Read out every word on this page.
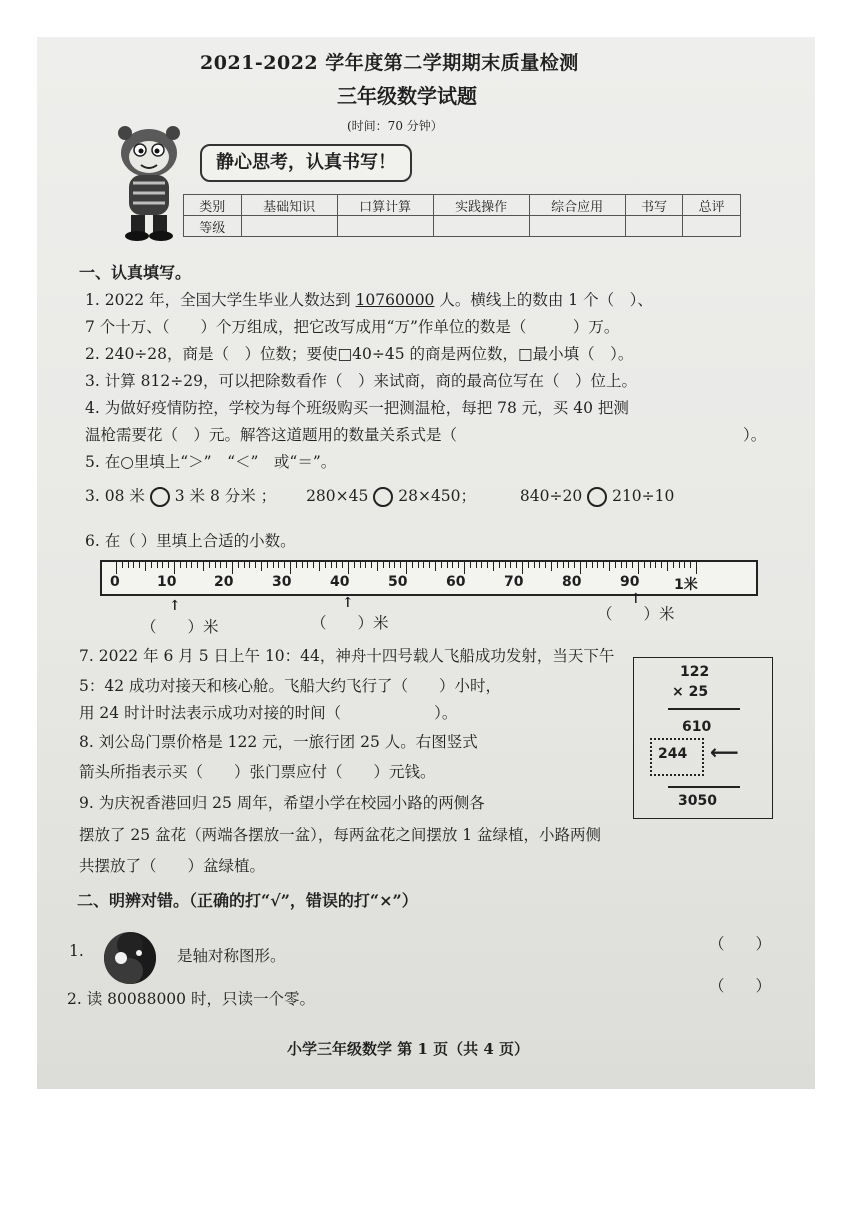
2021-2022 学年度第二学期期末质量检测
三年级数学试题
(时间：70 分钟）
静心思考，认真书写！
类别	基础知识	口算计算	实践操作	综合应用	书写	总评
等级						
一、认真填写。
1. 2022 年，全国大学生毕业人数达到 10760000 人。横线上的数由 1 个（　）、
7 个十万、（　　）个万组成，把它改写成用“万”作单位的数是（　　　）万。
2. 240÷28，商是（　）位数；要使□40÷45 的商是两位数，□最小填（　）。
3. 计算 812÷29，可以把除数看作（　）来试商，商的最高位写在（　）位上。
4. 为做好疫情防控，学校为每个班级购买一把测温枪，每把 78 元，买 40 把测
温枪需要花（　）元。解答这道题用的数量关系式是（	）。
5. 在○里填上“＞”　“＜”　或“＝”。
3. 08 米 3 米 8 分米 ； 280×45 28×450；	840÷20 210÷10
6. 在（ ）里填上合适的小数。
0	10	20	30	40	50	60	70	80	90 1米
↑	↑	↑
（　　）米	（　　）米	（　　）米
7. 2022 年 6 月 5 日上午 10：44，神舟十四号载人飞船成功发射，当天下午
5：42 成功对接天和核心舱。飞船大约飞行了（　　）小时，
用 24 时计时法表示成功对接的时间（　　　　　　）。
8. 刘公岛门票价格是 122 元，一旅行团 25 人。右图竖式
箭头所指表示买（　　）张门票应付（　　）元钱。
122
× 25
610
244 ⟵
3050
9. 为庆祝香港回归 25 周年，希望小学在校园小路的两侧各
摆放了 25 盆花（两端各摆放一盆），每两盆花之间摆放 1 盆绿植，小路两侧
共摆放了（　　）盆绿植。
二、明辨对错。（正确的打“√”，错误的打“×”）
1.	是轴对称图形。
（　　）
2. 读 80088000 时，只读一个零。
（　　）
小学三年级数学 第 1 页（共 4 页）
